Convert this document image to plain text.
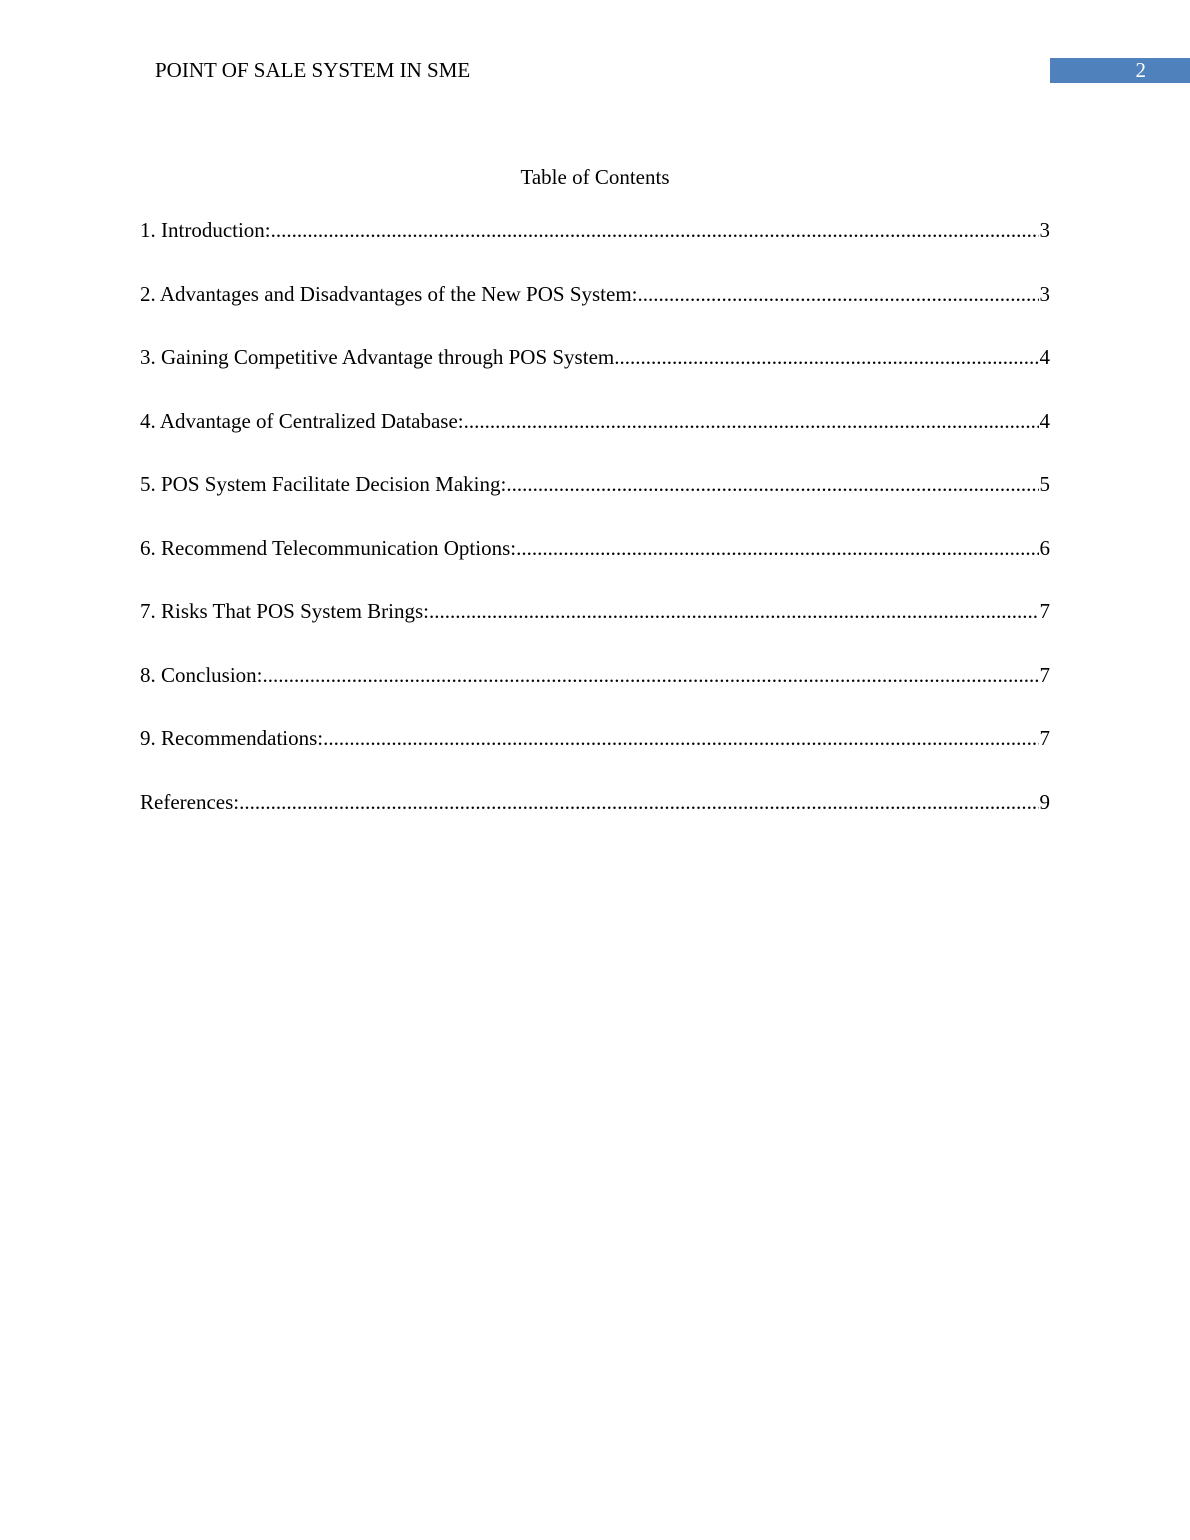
POINT OF SALE SYSTEM IN SME	2
Table of Contents
1. Introduction: .....	3
2. Advantages and Disadvantages of the New POS System: .....	3
3. Gaining Competitive Advantage through POS System .....	4
4. Advantage of Centralized Database: .....	4
5. POS System Facilitate Decision Making: .....	5
6. Recommend Telecommunication Options: .....	6
7. Risks That POS System Brings: .....	7
8. Conclusion: .....	7
9. Recommendations: .....	7
References: .....	9
